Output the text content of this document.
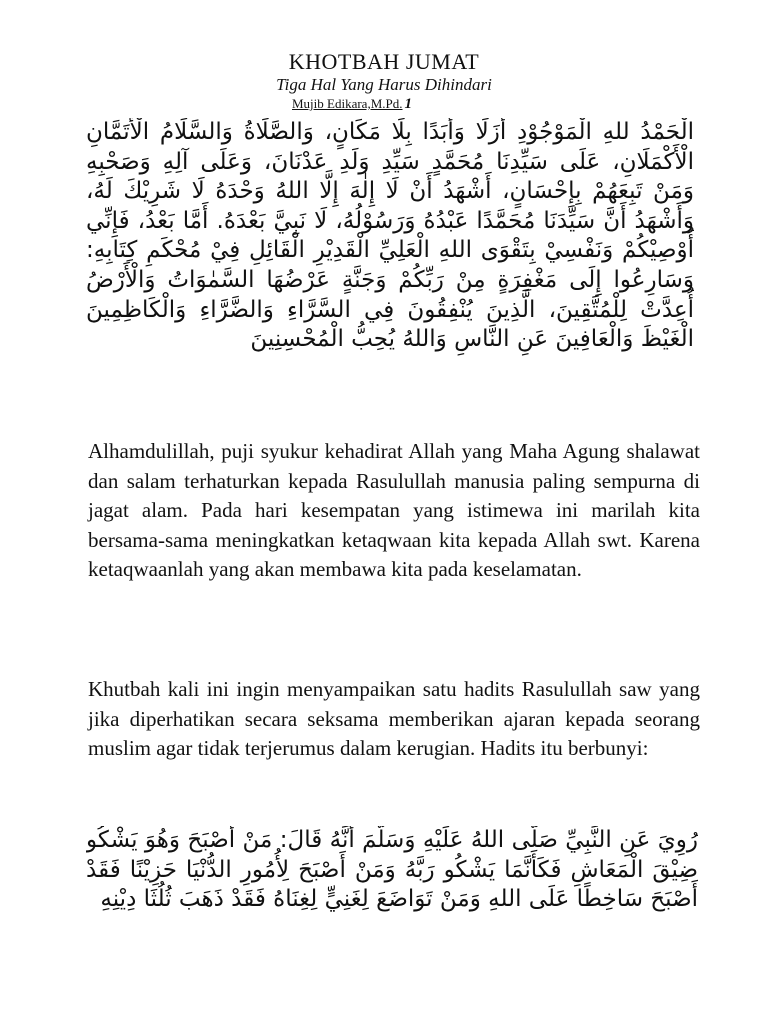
KHOTBAH JUMAT
Tiga Hal Yang Harus Dihindari
Mujib Edikara,M.Pd. 1
الْحَمْدُ للهِ الْمَوْجُوْدِ أَزَلًا وَأَبَدًا بِلَا مَكَانٍ، وَالصَّلَاةُ وَالسَّلَامُ الْأَتَمَّانِ الْأَكْمَلَانِ، عَلَى سَيِّدِنَا مُحَمَّدٍ سَيِّدِ وَلَدِ عَدْنَانَ، وَعَلَى آلِهِ وَصَحْبِهِ وَمَنْ تَبِعَهُمْ بِإِحْسَانٍ، أَشْهَدُ أَنْ لَا إِلٰهَ إِلَّا اللهُ وَحْدَهُ لَا شَرِيْكَ لَهُ، وَأَشْهَدُ أَنَّ سَيِّدَنَا مُحَمَّدًا عَبْدُهُ وَرَسُوْلُهُ، لَا نَبِيَّ بَعْدَهُ. أَمَّا بَعْدُ، فَإِنِّي أُوْصِيْكُمْ وَنَفْسِيْ بِتَقْوَى اللهِ الْعَلِيِّ الْقَدِيْرِ الْقَائِلِ فِيْ مُحْكَمِ كِتَابِهِ: وَسَارِعُوا إِلَى مَغْفِرَةٍ مِنْ رَبِّكُمْ وَجَنَّةٍ عَرْضُهَا السَّمٰوَاتُ وَالْأَرْضُ أُعِدَّتْ لِلْمُتَّقِينَ، الَّذِينَ يُنْفِقُونَ فِي السَّرَّاءِ وَالضَّرَّاءِ وَالْكَاظِمِينَ الْغَيْظَ وَالْعَافِينَ عَنِ النَّاسِ وَاللهُ يُحِبُّ الْمُحْسِنِينَ
Alhamdulillah, puji syukur kehadirat Allah yang Maha Agung shalawat dan salam terhaturkan kepada Rasulullah manusia paling sempurna di jagat alam. Pada hari kesempatan yang istimewa ini marilah kita bersama-sama meningkatkan ketaqwaan kita kepada Allah swt. Karena ketaqwaanlah yang akan membawa kita pada keselamatan.
Khutbah kali ini ingin menyampaikan satu hadits Rasulullah saw yang jika diperhatikan secara seksama memberikan ajaran kepada seorang muslim agar tidak terjerumus dalam kerugian. Hadits itu berbunyi:
رُوِيَ عَنِ النَّبِيِّ صَلَّى اللهُ عَلَيْهِ وَسَلَّمَ أَنَّهُ قَالَ: مَنْ أَصْبَحَ وَهُوَ يَشْكُو ضِيْقَ الْمَعَاشِ فَكَأَنَّمَا يَشْكُو رَبَّهُ وَمَنْ أَصْبَحَ لِأُمُورِ الدُّنْيَا حَزِيْنًا فَقَدْ أَصْبَحَ سَاخِطًا عَلَى اللهِ وَمَنْ تَوَاضَعَ لِغَنِيٍّ لِغِنَاهُ فَقَدْ ذَهَبَ ثُلُثَا دِيْنِهِ
